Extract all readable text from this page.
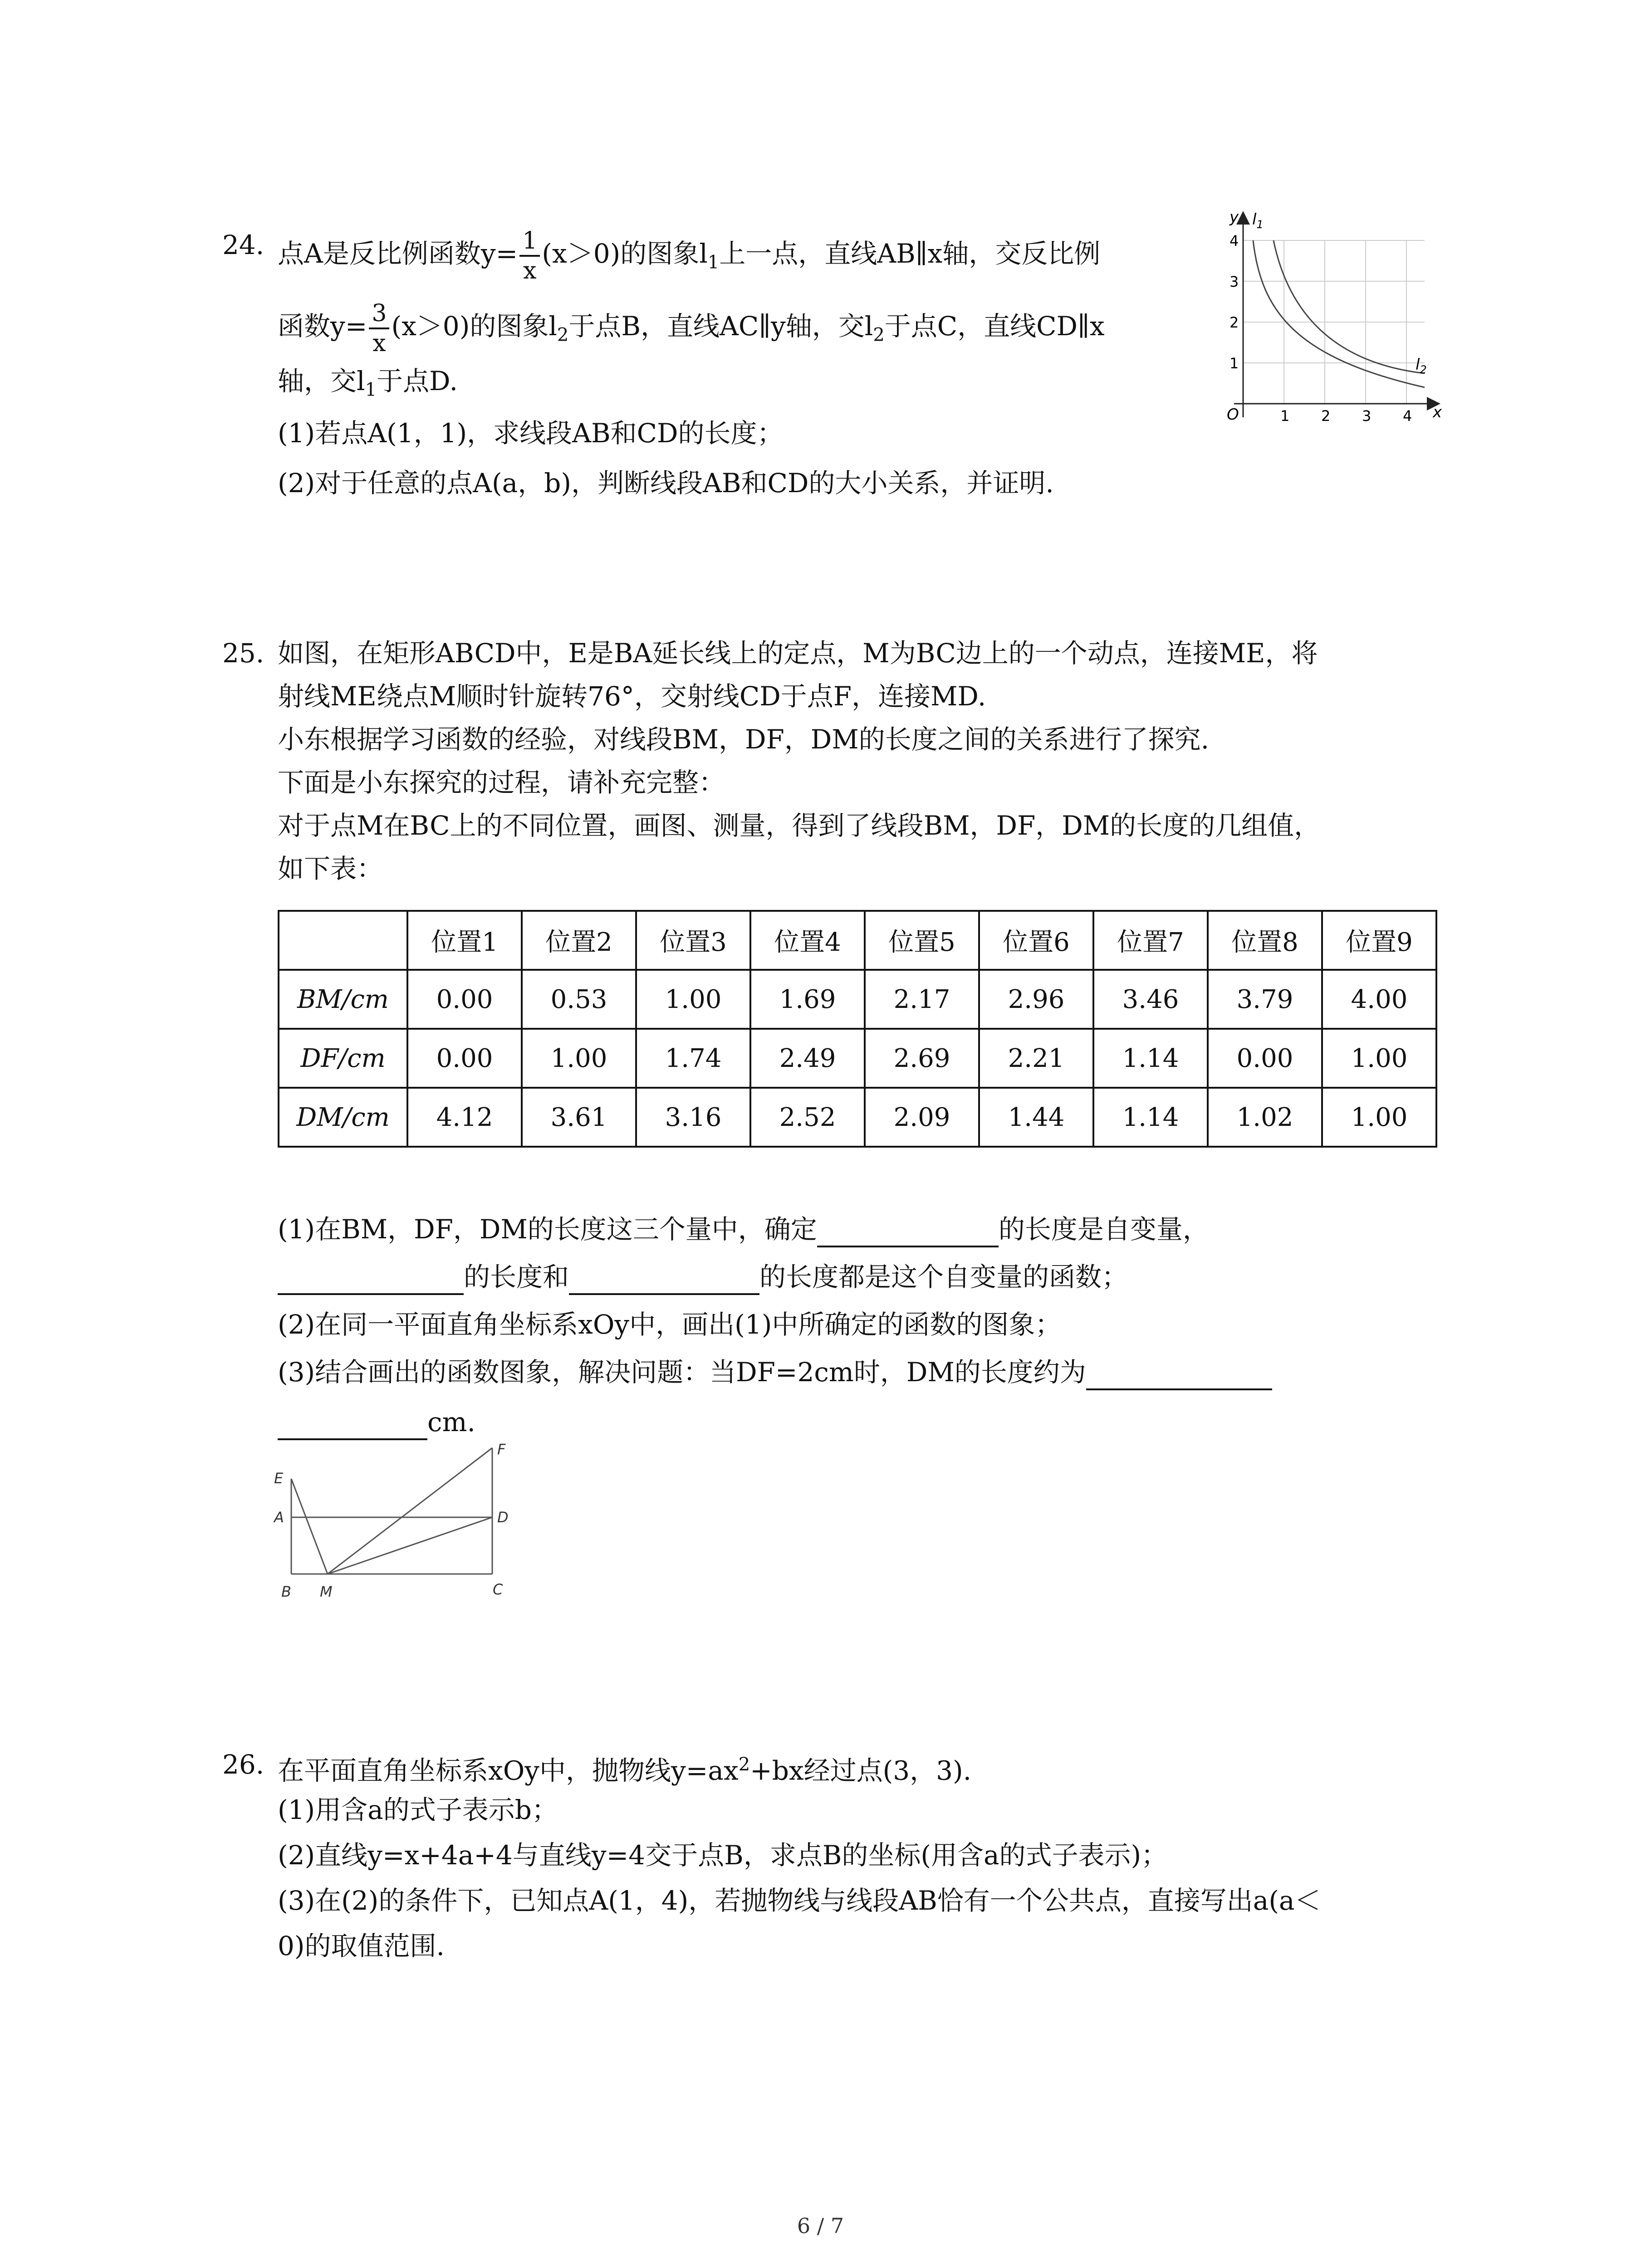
24. 点A是反比例函数$y= \frac{1}{x} (x>0)$的图象$l_1$上一点，直线AB∥x轴，交反比例
函数$y= \frac{3}{x} (x>0)$的图象$l_2$于点B，直线AC∥y轴，交$l_2$于点C，直线CD∥x
轴，交$l_1$于点D.
(1)若点A(1，1)，求线段AB和CD的长度；
(2)对于任意的点A(a，b)，判断线段AB和CD的大小关系，并证明.
y
x
O
$l_1$
$l_2$
1 2 3 4
1
2
3
4
25. 如图，在矩形ABCD中，E是BA延长线上的定点，M为BC边上的一个动点，连接ME，将
射线ME绕点M顺时针旋转76°，交射线CD于点F，连接MD.
小东根据学习函数的经验，对线段BM，DF，DM的长度之间的关系进行了探究.
下面是小东探究的过程，请补充完整：
对于点M在BC上的不同位置，画图、测量，得到了线段BM，DF，DM的长度的几组值，
如下表：
	位置1	位置2	位置3	位置4	位置5	位置6	位置7	位置8	位置9
BM/cm	0.00	0.53	1.00	1.69	2.17	2.96	3.46	3.79	4.00
DF/cm	0.00	1.00	1.74	2.49	2.69	2.21	1.14	0.00	1.00
DM/cm	4.12	3.61	3.16	2.52	2.09	1.44	1.14	1.02	1.00
(1)在BM，DF，DM的长度这三个量中，确定	的长度是自变量，
的长度和	的长度都是这个自变量的函数；
(2)在同一平面直角坐标系xOy中，画出(1)中所确定的函数的图象；
(3)结合画出的函数图象，解决问题：当DF=2cm时，DM的长度约为
cm.
E
A
B M	C
D
F
26. 在平面直角坐标系xOy中，抛物线$y=ax^2+bx$经过点(3，3).
(1)用含a的式子表示b；
(2)直线y=x+4a+4与直线y=4交于点B，求点B的坐标(用含a的式子表示)；
(3)在(2)的条件下，已知点A(1，4)，若抛物线与线段AB恰有一个公共点，直接写出a(a＜
0)的取值范围.
6 / 7
